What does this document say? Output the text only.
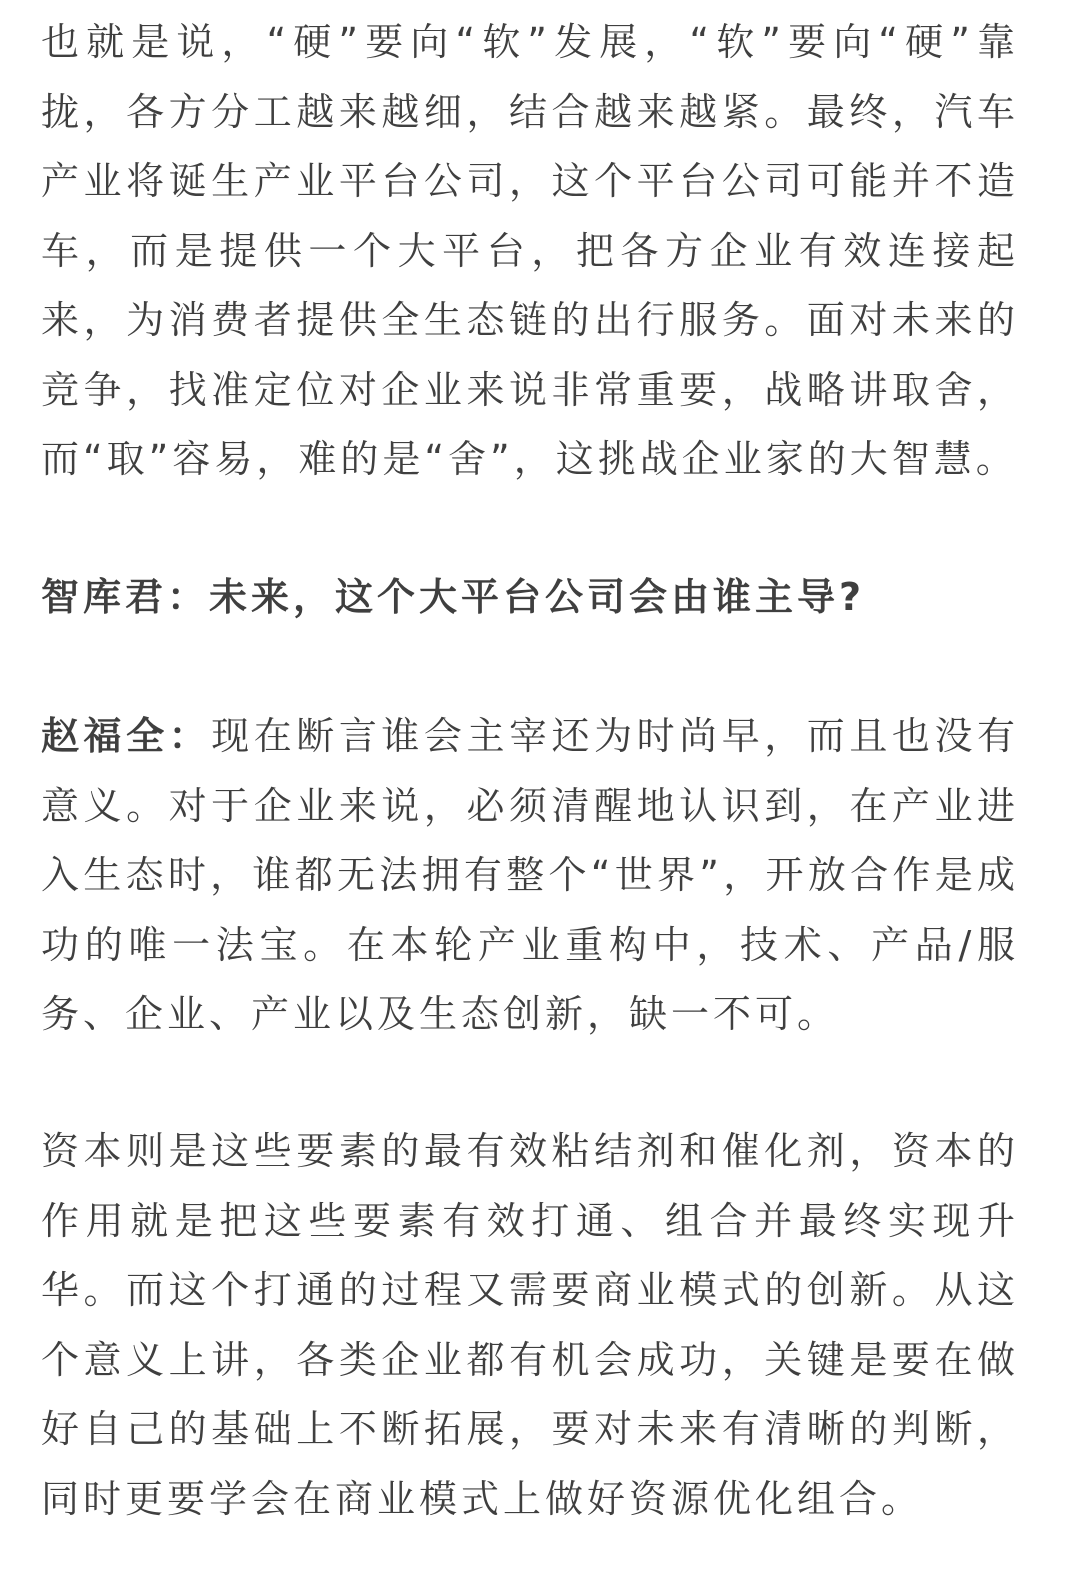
也就是说，“硬”要向“软”发展，“软”要向“硬”靠拢，各方分工越来越细，结合越来越紧。最终，汽车产业将诞生产业平台公司，这个平台公司可能并不造车，而是提供一个大平台，把各方企业有效连接起来，为消费者提供全生态链的出行服务。面对未来的竞争，找准定位对企业来说非常重要，战略讲取舍，而“取”容易，难的是“舍”，这挑战企业家的大智慧。

智库君：未来，这个大平台公司会由谁主导?

赵福全：现在断言谁会主宰还为时尚早，而且也没有意义。对于企业来说，必须清醒地认识到，在产业进入生态时，谁都无法拥有整个“世界”，开放合作是成功的唯一法宝。在本轮产业重构中，技术、产品/服务、企业、产业以及生态创新，缺一不可。

资本则是这些要素的最有效粘结剂和催化剂，资本的作用就是把这些要素有效打通、组合并最终实现升华。而这个打通的过程又需要商业模式的创新。从这个意义上讲，各类企业都有机会成功，关键是要在做好自己的基础上不断拓展，要对未来有清晰的判断，同时更要学会在商业模式上做好资源优化组合。
